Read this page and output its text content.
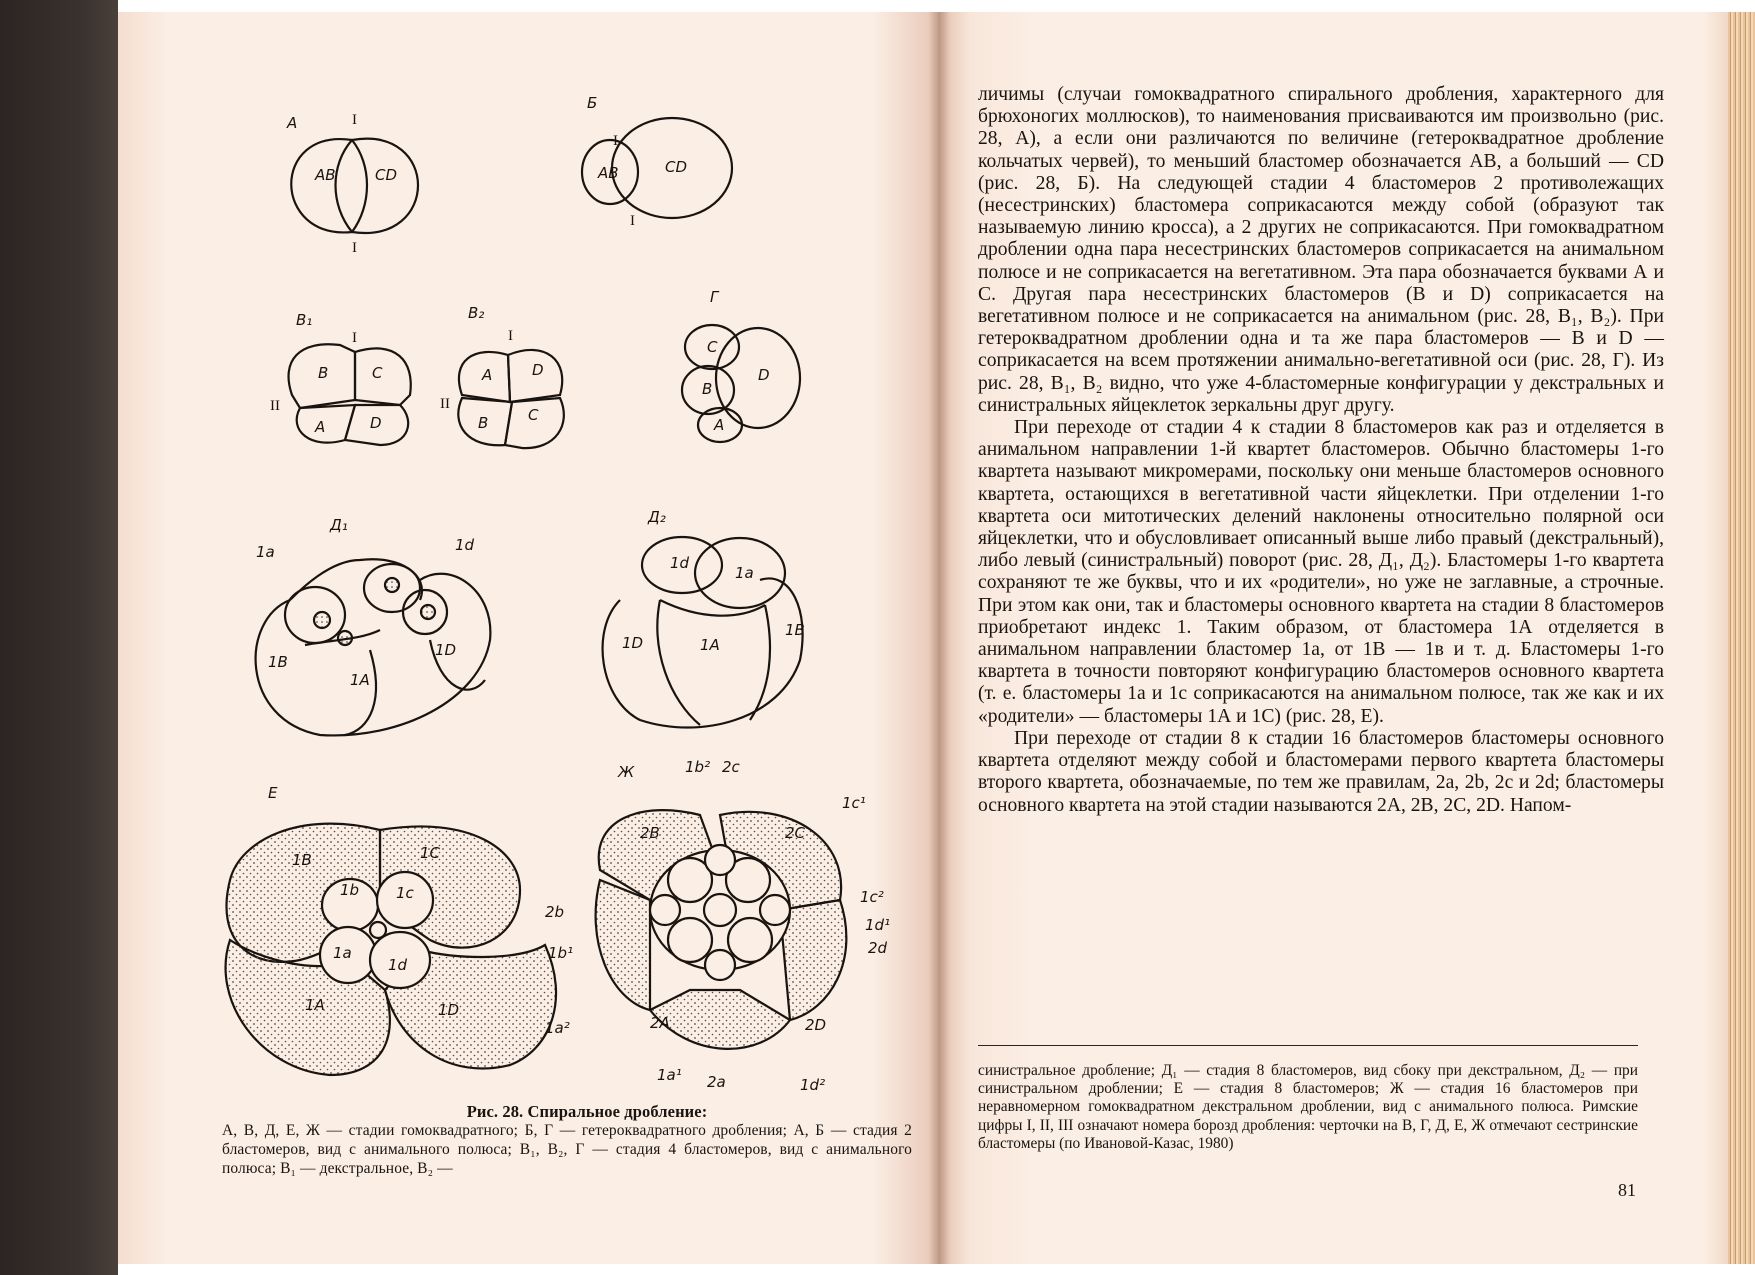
А
Б
В₁	В₂
Г
Д₁	Д₂
Е
Ж
АВ	CD	АВ	CD
B	C
A	D
A	D
B	C
C
D
B
A
1a	1d
1B
1A
1D
1d
1a
1D	1A
1B
1B	1C
1b 1c
1a
1d
1A	1D
1b² 2c
2B	2C
1c¹
1c²
1d¹
2d
2b
1b¹
1a²	2A	2D
1a¹ 2a	1d²
I
I
I
I
I
II
I
II
Рис. 28. Спиральное дробление:
А, В, Д, Е, Ж — стадии гомоквадратного; Б, Г — гетероквадратного дробления; А, Б — стадия 2 бластомеров, вид с анимального полюса; В₁, В₂, Г — стадия 4 бластомеров, вид с анимального полюса; В₁ — декстральное, В₂ —

личимы (случаи гомоквадратного спирального дробления, характерного для брюхоногих моллюсков), то наименования присваиваются им произвольно (рис. 28, А), а если они различаются по величине (гетероквадратное дробление кольчатых червей), то меньший бластомер обозначается АВ, а больший — CD (рис. 28, Б). На следующей стадии 4 бластомеров 2 противолежащих (несестринских) бластомера соприкасаются между собой (образуют так называемую линию кросса), а 2 других не соприкасаются. При гомоквадратном дроблении одна пара несестринских бластомеров соприкасается на анимальном полюсе и не соприкасается на вегетативном. Эта пара обозначается буквами А и С. Другая пара несестринских бластомеров (В и D) соприкасается на вегетативном полюсе и не соприкасается на анимальном (рис. 28, В₁, В₂). При гетероквадратном дроблении одна и та же пара бластомеров — В и D — соприкасается на всем протяжении анимально-вегетативной оси (рис. 28, Г). Из рис. 28, В₁, В₂ видно, что уже 4-бластомерные конфигурации у декстральных и синистральных яйцеклеток зеркальны друг другу.

При переходе от стадии 4 к стадии 8 бластомеров как раз и отделяется в анимальном направлении 1-й квартет бластомеров. Обычно бластомеры 1-го квартета называют микромерами, поскольку они меньше бластомеров основного квартета, остающихся в вегетативной части яйцеклетки. При отделении 1-го квартета оси митотических делений наклонены относительно полярной оси яйцеклетки, что и обусловливает описанный выше либо правый (декстральный), либо левый (синистральный) поворот (рис. 28, Д₁, Д₂). Бластомеры 1-го квартета сохраняют те же буквы, что и их «родители», но уже не заглавные, а строчные. При этом как они, так и бластомеры основного квартета на стадии 8 бластомеров приобретают индекс 1. Таким образом, от бластомера 1А отделяется в анимальном направлении бластомер 1а, от 1В — 1в и т. д. Бластомеры 1-го квартета в точности повторяют конфигурацию бластомеров основного квартета (т. е. бластомеры 1а и 1с соприкасаются на анимальном полюсе, так же как и их «родители» — бластомеры 1А и 1С) (рис. 28, Е).

При переходе от стадии 8 к стадии 16 бластомеров бластомеры основного квартета отделяют между собой и бластомерами первого квартета бластомеры второго квартета, обозначаемые, по тем же правилам, 2а, 2b, 2с и 2d; бластомеры основного квартета на этой стадии называются 2А, 2В, 2С, 2D. Напом-

синистральное дробление; Д₁ — стадия 8 бластомеров, вид сбоку при декстральном, Д₂ — при синистральном дроблении; Е — стадия 8 бластомеров; Ж — стадия 16 бластомеров при неравномерном гомоквадратном декстральном дроблении, вид с анимального полюса. Римские цифры I, II, III означают номера борозд дробления: черточки на В, Г, Д, Е, Ж отмечают сестринские бластомеры (по Ивановой-Казас, 1980)
81
